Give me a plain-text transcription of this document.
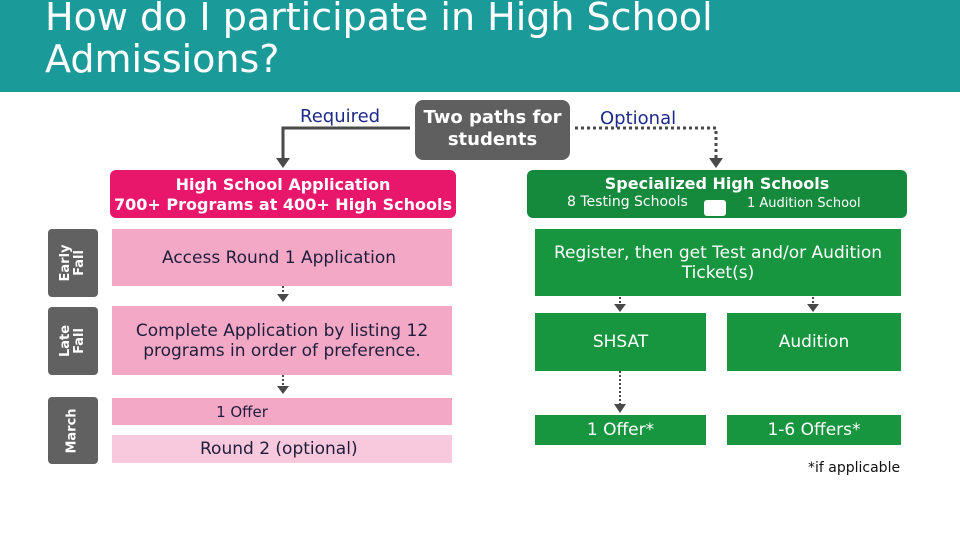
How do I participate in High School Admissions?
Required	Two paths for students
Optional
High School Application
700+ Programs at 400+ High Schools
Specialized High Schools
8 Testing Schools	1 Audition School
Early Fall
Late Fall
March
Access Round 1 Application
Complete Application by listing 12 programs in order of preference.
1 Offer
Round 2 (optional)
Register, then get Test and/or Audition Ticket(s)
SHSAT	Audition
1 Offer*	1-6 Offers*
*if applicable
